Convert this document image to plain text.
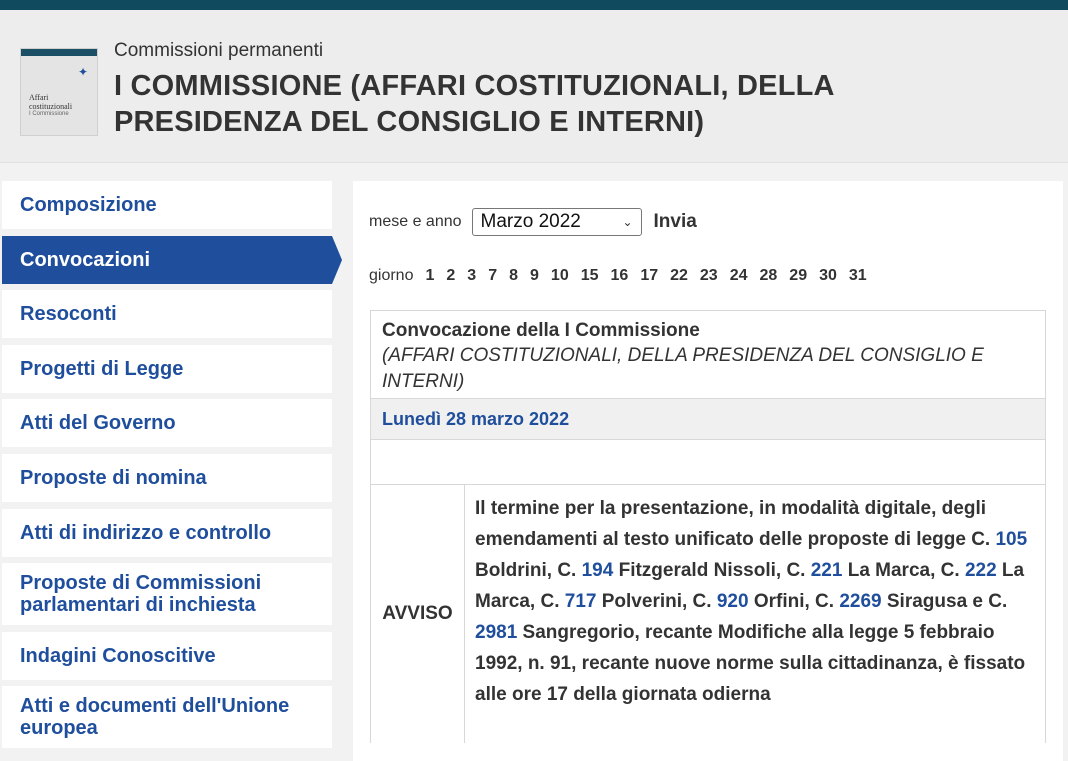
✦
Affari
costituzionali
I Commissione
Commissioni permanenti
I COMMISSIONE (AFFARI COSTITUZIONALI, DELLA
PRESIDENZA DEL CONSIGLIO E INTERNI)
Composizione
Convocazioni
Resoconti
Progetti di Legge
Atti del Governo
Proposte di nomina
Atti di indirizzo e controllo
Proposte di Commissioni
parlamentari di inchiesta
Indagini Conoscitive
Atti e documenti dell'Unione
europea
mese e anno Marzo 2022	⌄ Invia
giorno 1 2 3 7 8 9 10 15 16 17 22 23 24 28 29 30 31
Convocazione della I Commissione
(AFFARI COSTITUZIONALI, DELLA PRESIDENZA DEL CONSIGLIO E
INTERNI)
Lunedì 28 marzo 2022
AVVISO
Il termine per la presentazione, in modalità digitale, degli emendamenti al testo unificato delle proposte di legge C. 105 Boldrini, C. 194 Fitzgerald Nissoli, C. 221 La Marca, C. 222 La Marca, C. 717 Polverini, C. 920 Orfini, C. 2269 Siragusa e C. 2981 Sangregorio, recante Modifiche alla legge 5 febbraio 1992, n. 91, recante nuove norme sulla cittadinanza, è fissato alle ore 17 della giornata odierna
